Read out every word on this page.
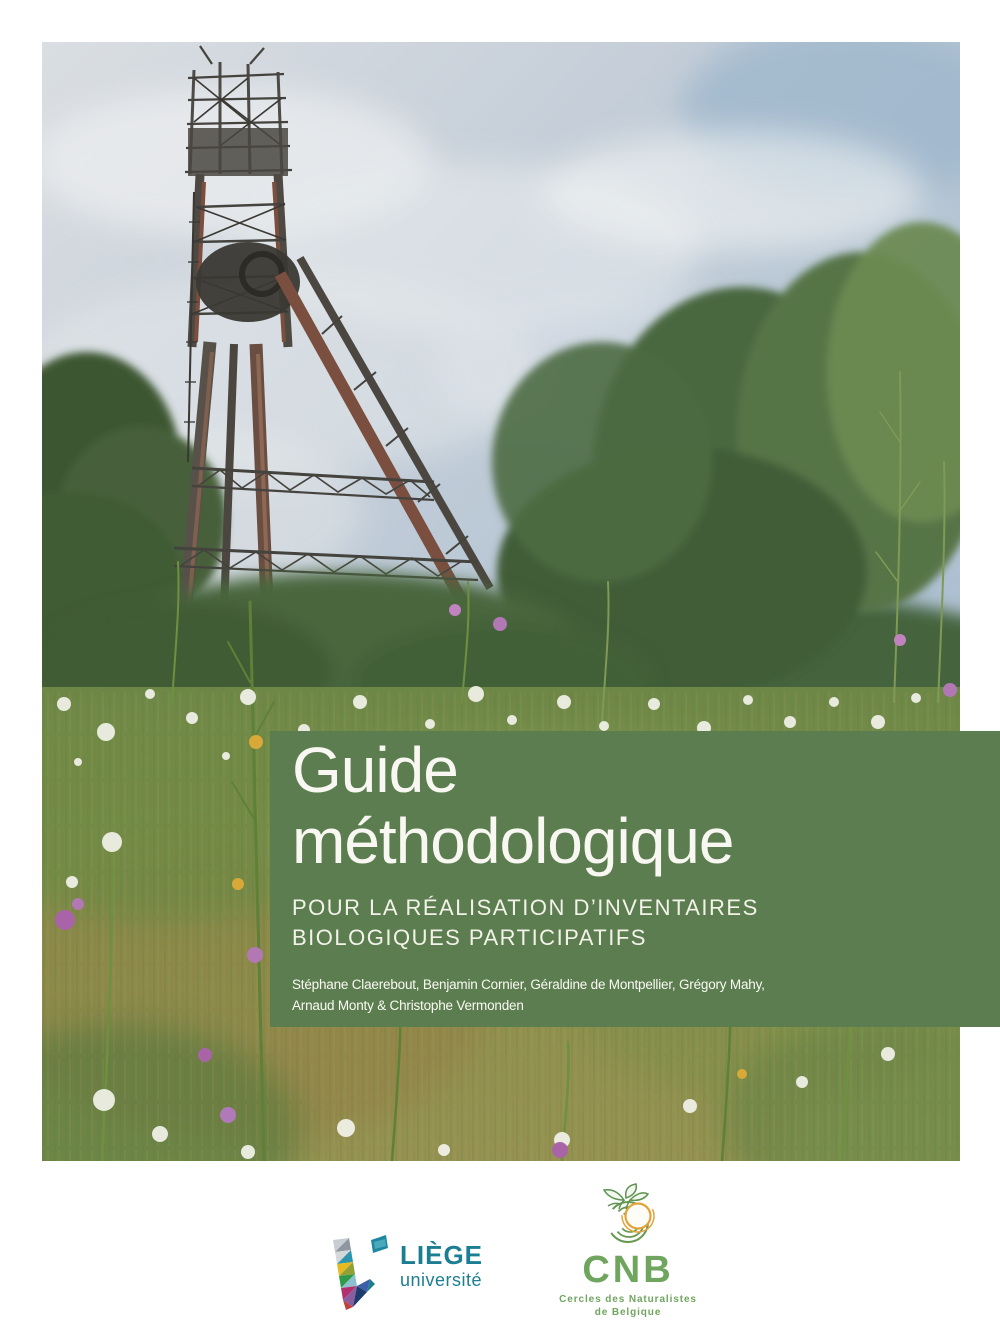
Guide
méthodologique
POUR LA RÉALISATION D’INVENTAIRES
BIOLOGIQUES PARTICIPATIFS
Stéphane Claerebout, Benjamin Cornier, Géraldine de Montpellier, Grégory Mahy,
Arnaud Monty & Christophe Vermonden
LIÈGE
université	CNB
Cercles des Naturalistes
de Belgique
